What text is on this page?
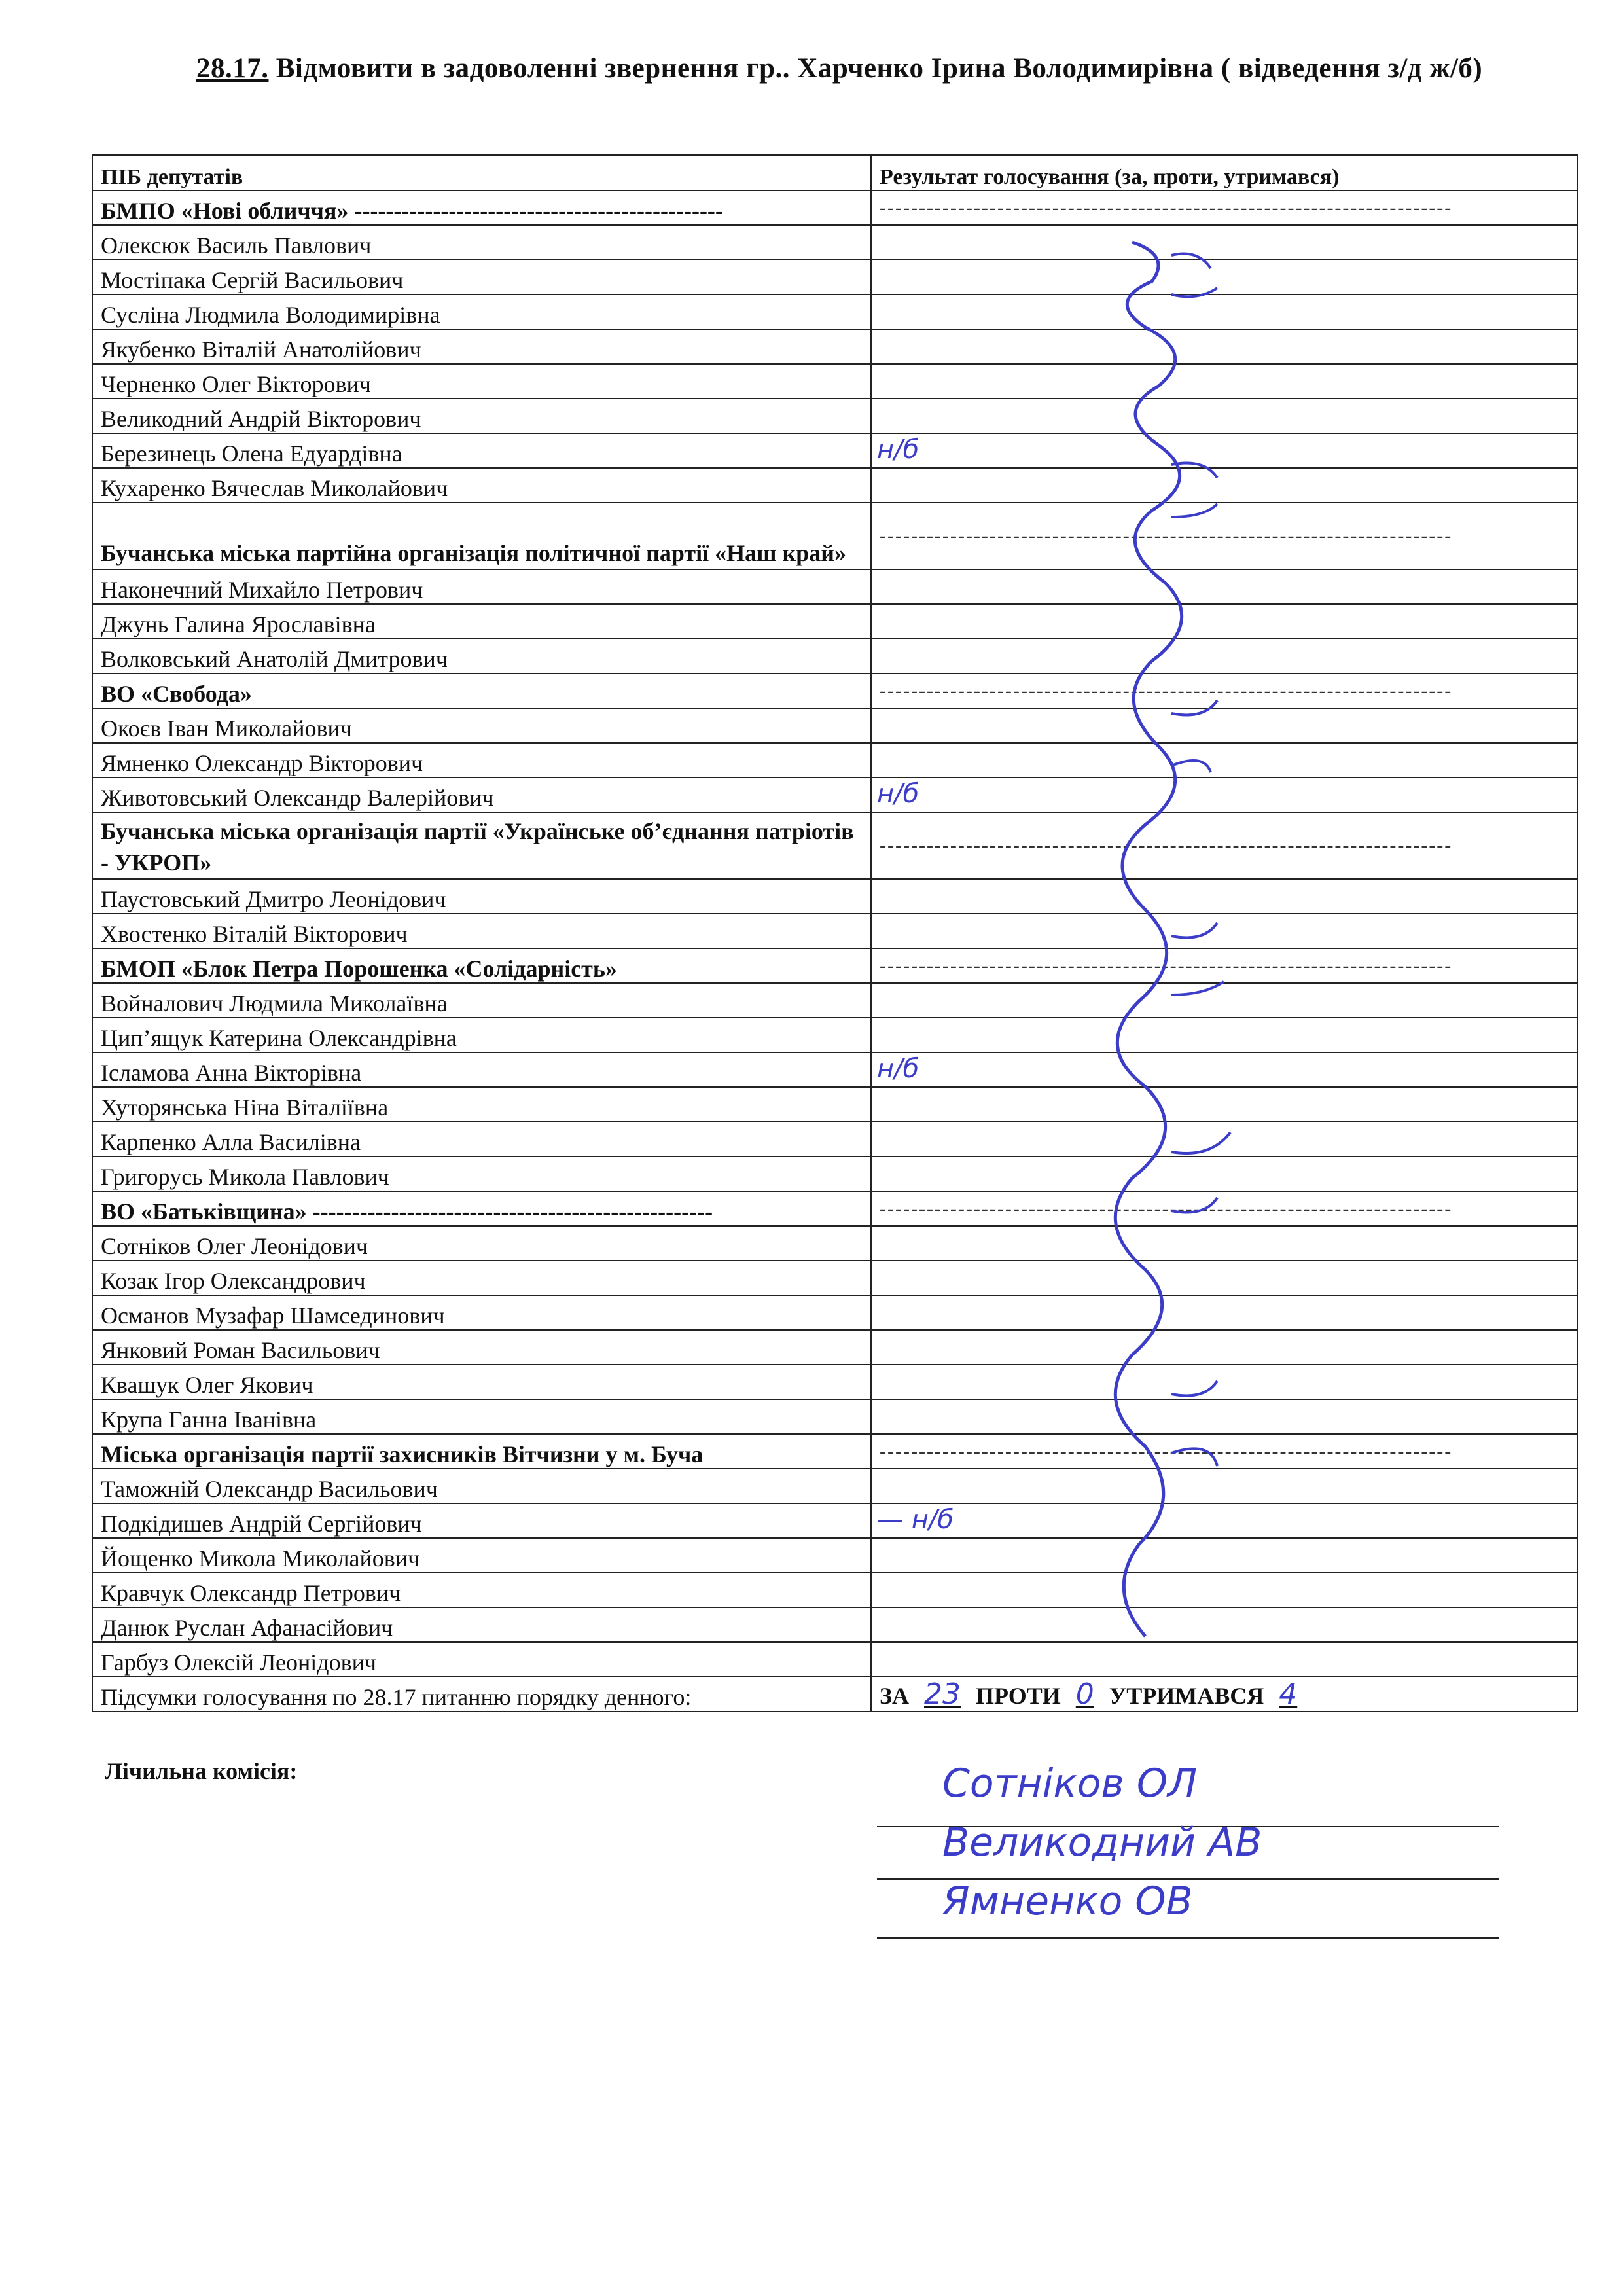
28.17. Відмовити в задоволенні звернення гр.. Харченко Ірина Володимирівна ( відведення з/д ж/б)
ПІБ депутатів	Результат голосування (за, проти, утримався)
БМПО «Нові обличчя» -----------------------------------------------	-------------------------------------------------------------------------
Олексюк Василь Павлович	
Мостіпака Сергій Васильович	
Сусліна Людмила Володимирівна	
Якубенко Віталій Анатолійович	
Черненко Олег Вікторович	
Великодний Андрій Вікторович	
Березинець Олена Едуардівна	н/б

Кухаренко Вячеслав Миколайович	
Бучанська міська партійна організація політичної партії «Наш край»	-------------------------------------------------------------------------
Наконечний Михайло Петрович	
Джунь Галина Ярославівна	
Волковський Анатолій Дмитрович	
ВО «Свобода»	-------------------------------------------------------------------------
Окоєв Іван Миколайович	
Ямненко Олександр Вікторович	
Животовський Олександр Валерійович	н/б

Бучанська міська організація партії «Українське об’єднання патріотів - УКРОП»	-------------------------------------------------------------------------
Паустовський Дмитро Леонідович	
Хвостенко Віталій Вікторович	
БМОП «Блок Петра Порошенка «Солідарність»	-------------------------------------------------------------------------
Войналович Людмила Миколаївна	
Цип’ящук Катерина Олександрівна	
Ісламова Анна Вікторівна	н/б

Хуторянська Ніна Віталіївна	
Карпенко Алла Василівна	
Григорусь Микола Павлович	
ВО «Батьківщина» ---------------------------------------------------	-------------------------------------------------------------------------
Сотніков Олег Леонідович	
Козак Ігор Олександрович	
Османов Музафар Шамсединович	
Янковий Роман Васильович	
Квашук Олег Якович	
Крупа Ганна Іванівна	
Міська організація партії захисників Вітчизни у м. Буча	-------------------------------------------------------------------------
Таможній Олександр Васильович	
Подкідишев Андрій Сергійович	— н/б

Йощенко Микола Миколайович	
Кравчук Олександр Петрович	
Данюк Руслан Афанасійович	
Гарбуз Олексій Леонідович	
Підсумки голосування по 28.17 питанню порядку денного:	ЗА 23 ПРОТИ 0 УТРИМАВСЯ 4
Лічильна комісія:	Сотніков ОЛ
Великодний АВ
Ямненко ОВ
